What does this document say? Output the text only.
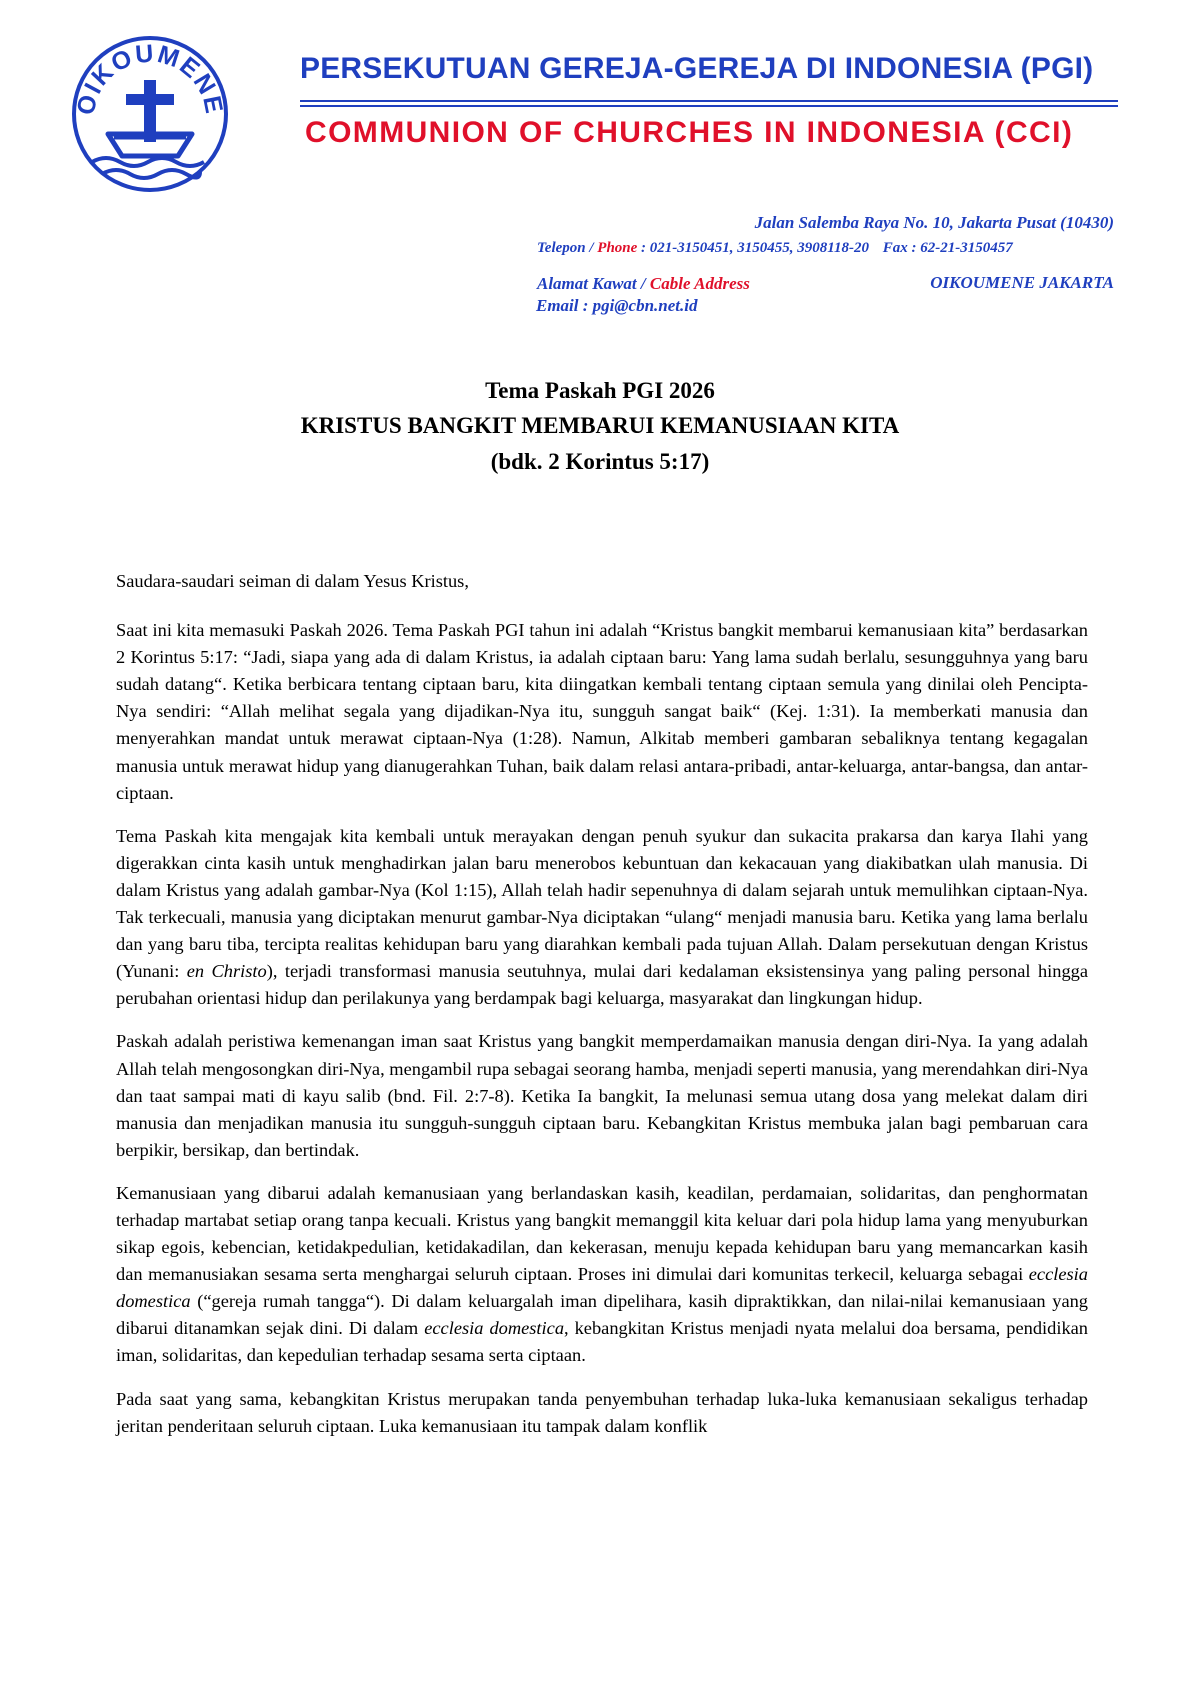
OIKOUMENE
PERSEKUTUAN GEREJA-GEREJA DI INDONESIA (PGI)
COMMUNION OF CHURCHES IN INDONESIA (CCI)
Jalan Salemba Raya No. 10, Jakarta Pusat (10430)
Telepon / Phone : 021-3150451, 3150455, 3908118-20 Fax : 62-21-3150457
Alamat Kawat / Cable Address	OIKOUMENE JAKARTA
Email : pgi@cbn.net.id
Tema Paskah PGI 2026
KRISTUS BANGKIT MEMBARUI KEMANUSIAAN KITA
(bdk. 2 Korintus 5:17)

Saudara-saudari seiman di dalam Yesus Kristus,

Saat ini kita memasuki Paskah 2026. Tema Paskah PGI tahun ini adalah “Kristus bangkit membarui kemanusiaan kita” berdasarkan 2 Korintus 5:17: “Jadi, siapa yang ada di dalam Kristus, ia adalah ciptaan baru: Yang lama sudah berlalu, sesungguhnya yang baru sudah datang“. Ketika berbicara tentang ciptaan baru, kita diingatkan kembali tentang ciptaan semula yang dinilai oleh Pencipta-Nya sendiri: “Allah melihat segala yang dijadikan-Nya itu, sungguh sangat baik“ (Kej. 1:31). Ia memberkati manusia dan menyerahkan mandat untuk merawat ciptaan-Nya (1:28). Namun, Alkitab memberi gambaran sebaliknya tentang kegagalan manusia untuk merawat hidup yang dianugerahkan Tuhan, baik dalam relasi antara-pribadi, antar-keluarga, antar-bangsa, dan antar-ciptaan.

Tema Paskah kita mengajak kita kembali untuk merayakan dengan penuh syukur dan sukacita prakarsa dan karya Ilahi yang digerakkan cinta kasih untuk menghadirkan jalan baru menerobos kebuntuan dan kekacauan yang diakibatkan ulah manusia. Di dalam Kristus yang adalah gambar-Nya (Kol 1:15), Allah telah hadir sepenuhnya di dalam sejarah untuk memulihkan ciptaan-Nya. Tak terkecuali, manusia yang diciptakan menurut gambar-Nya diciptakan “ulang“ menjadi manusia baru. Ketika yang lama berlalu dan yang baru tiba, tercipta realitas kehidupan baru yang diarahkan kembali pada tujuan Allah. Dalam persekutuan dengan Kristus (Yunani: en Christo), terjadi transformasi manusia seutuhnya, mulai dari kedalaman eksistensinya yang paling personal hingga perubahan orientasi hidup dan perilakunya yang berdampak bagi keluarga, masyarakat dan lingkungan hidup.

Paskah adalah peristiwa kemenangan iman saat Kristus yang bangkit memperdamaikan manusia dengan diri-Nya. Ia yang adalah Allah telah mengosongkan diri-Nya, mengambil rupa sebagai seorang hamba, menjadi seperti manusia, yang merendahkan diri-Nya dan taat sampai mati di kayu salib (bnd. Fil. 2:7-8). Ketika Ia bangkit, Ia melunasi semua utang dosa yang melekat dalam diri manusia dan menjadikan manusia itu sungguh-sungguh ciptaan baru. Kebangkitan Kristus membuka jalan bagi pembaruan cara berpikir, bersikap, dan bertindak.

Kemanusiaan yang dibarui adalah kemanusiaan yang berlandaskan kasih, keadilan, perdamaian, solidaritas, dan penghormatan terhadap martabat setiap orang tanpa kecuali. Kristus yang bangkit memanggil kita keluar dari pola hidup lama yang menyuburkan sikap egois, kebencian, ketidakpedulian, ketidakadilan, dan kekerasan, menuju kepada kehidupan baru yang memancarkan kasih dan memanusiakan sesama serta menghargai seluruh ciptaan. Proses ini dimulai dari komunitas terkecil, keluarga sebagai ecclesia domestica (“gereja rumah tangga“). Di dalam keluargalah iman dipelihara, kasih dipraktikkan, dan nilai-nilai kemanusiaan yang dibarui ditanamkan sejak dini. Di dalam ecclesia domestica, kebangkitan Kristus menjadi nyata melalui doa bersama, pendidikan iman, solidaritas, dan kepedulian terhadap sesama serta ciptaan.

Pada saat yang sama, kebangkitan Kristus merupakan tanda penyembuhan terhadap luka-luka kemanusiaan sekaligus terhadap jeritan penderitaan seluruh ciptaan. Luka kemanusiaan itu tampak dalam konflik
